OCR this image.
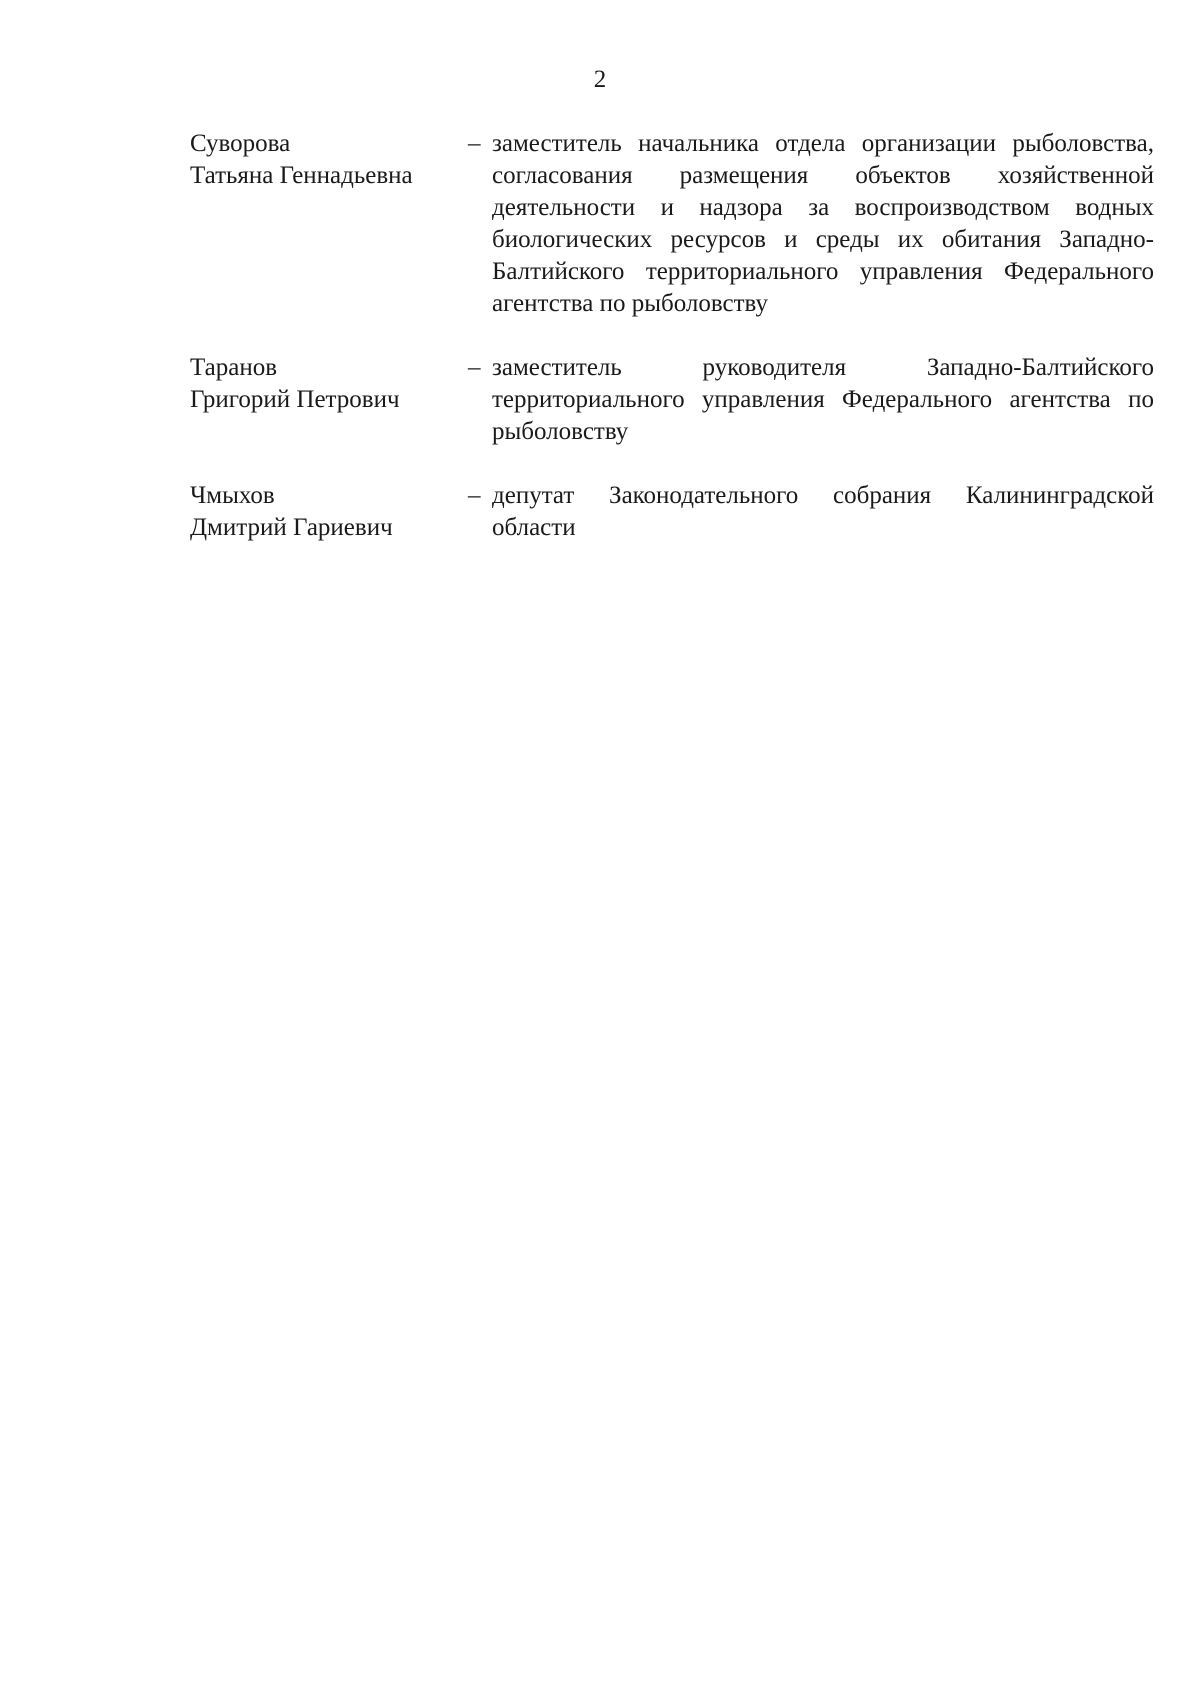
2
Суворова
Татьяна Геннадьевна
– заместитель начальника отдела организации рыболовства, согласования размещения объектов хозяйственной деятельности и надзора за воспроизводством водных биологических ресурсов и среды их обитания Западно-Балтийского территориального управления Федерального агентства по рыболовству
Таранов
Григорий Петрович
– заместитель руководителя Западно-Балтийского территориального управления Федерального агентства по рыболовству
Чмыхов
Дмитрий Гариевич
– депутат Законодательного собрания Калининградской области
